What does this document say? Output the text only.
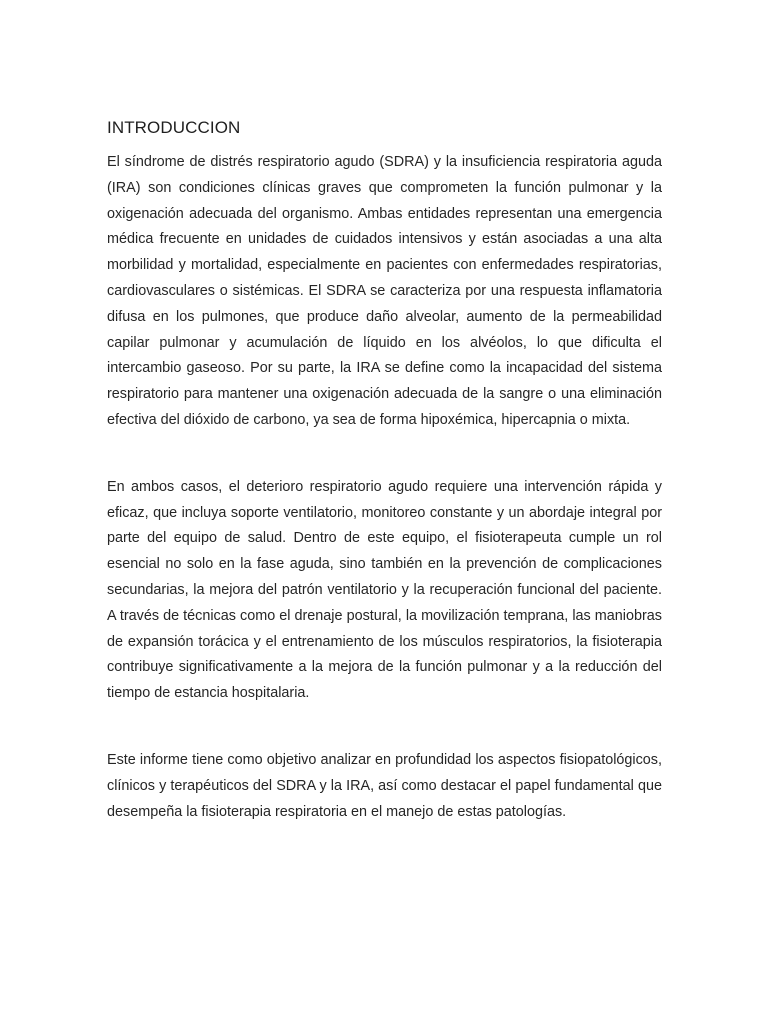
INTRODUCCION

El síndrome de distrés respiratorio agudo (SDRA) y la insuficiencia respiratoria aguda (IRA) son condiciones clínicas graves que comprometen la función pulmonar y la oxigenación adecuada del organismo. Ambas entidades representan una emergencia médica frecuente en unidades de cuidados intensivos y están asociadas a una alta morbilidad y mortalidad, especialmente en pacientes con enfermedades respiratorias, cardiovasculares o sistémicas. El SDRA se caracteriza por una respuesta inflamatoria difusa en los pulmones, que produce daño alveolar, aumento de la permeabilidad capilar pulmonar y acumulación de líquido en los alvéolos, lo que dificulta el intercambio gaseoso. Por su parte, la IRA se define como la incapacidad del sistema respiratorio para mantener una oxigenación adecuada de la sangre o una eliminación efectiva del dióxido de carbono, ya sea de forma hipoxémica, hipercapnia o mixta.

En ambos casos, el deterioro respiratorio agudo requiere una intervención rápida y eficaz, que incluya soporte ventilatorio, monitoreo constante y un abordaje integral por parte del equipo de salud. Dentro de este equipo, el fisioterapeuta cumple un rol esencial no solo en la fase aguda, sino también en la prevención de complicaciones secundarias, la mejora del patrón ventilatorio y la recuperación funcional del paciente. A través de técnicas como el drenaje postural, la movilización temprana, las maniobras de expansión torácica y el entrenamiento de los músculos respiratorios, la fisioterapia contribuye significativamente a la mejora de la función pulmonar y a la reducción del tiempo de estancia hospitalaria.

Este informe tiene como objetivo analizar en profundidad los aspectos fisiopatológicos, clínicos y terapéuticos del SDRA y la IRA, así como destacar el papel fundamental que desempeña la fisioterapia respiratoria en el manejo de estas patologías.
